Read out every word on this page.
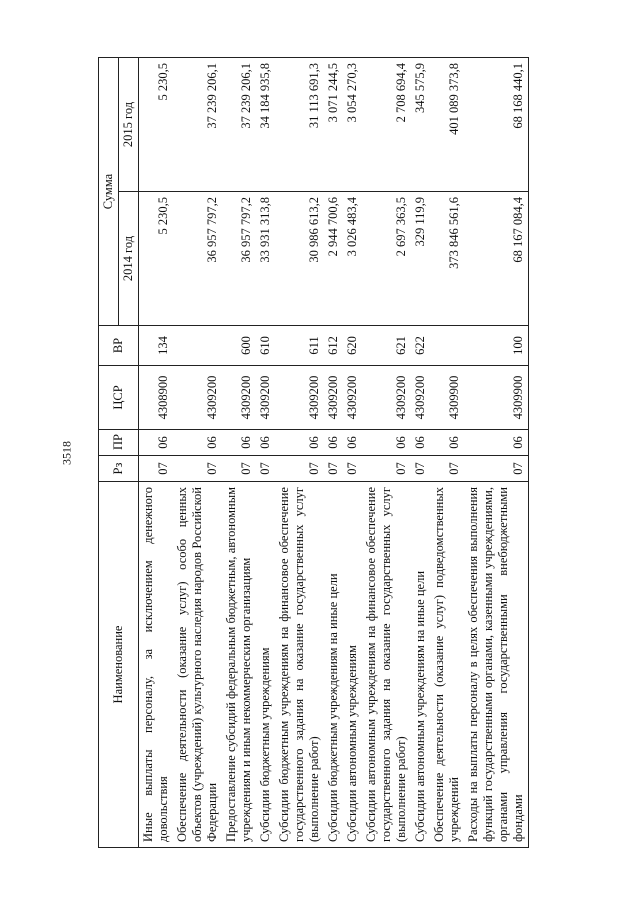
3518
Наименование	Рз	ПР	ЦСР	ВР	Сумма	
					2014 год	2015 год
Иные выплаты персоналу, за исключением денежного довольствия	07	06	4308900	134	5 230,5	5 230,5
Обеспечение деятельности (оказание услуг) особо ценных объектов (учреждений) культурного наследия народов Российской Федерации	07	06	4309200		36 957 797,2	37 239 206,1
Предоставление субсидий федеральным бюджетным, автономным учреждениям и иным некоммерческим организациям	07	06	4309200	600	36 957 797,2	37 239 206,1
Субсидии бюджетным учреждениям	07	06	4309200	610	33 931 313,8	34 184 935,8
Субсидии бюджетным учреждениям на финансовое обеспечение государственного задания на оказание государственных услуг (выполнение работ)	07	06	4309200	611	30 986 613,2	31 113 691,3
Субсидии бюджетным учреждениям на иные цели	07	06	4309200	612	2 944 700,6	3 071 244,5
Субсидии автономным учреждениям	07	06	4309200	620	3 026 483,4	3 054 270,3
Субсидии автономным учреждениям на финансовое обеспечение государственного задания на оказание государственных услуг (выполнение работ)	07	06	4309200	621	2 697 363,5	2 708 694,4
Субсидии автономным учреждениям на иные цели	07	06	4309200	622	329 119,9	345 575,9
Обеспечение деятельности (оказание услуг) подведомственных учреждений	07	06	4309900		373 846 561,6	401 089 373,8
Расходы на выплаты персоналу в целях обеспечения выполнения функций государственными органами, казенными учреждениями, органами управления государственными внебюджетными фондами	07	06	4309900	100	68 167 084,4	68 168 440,1
